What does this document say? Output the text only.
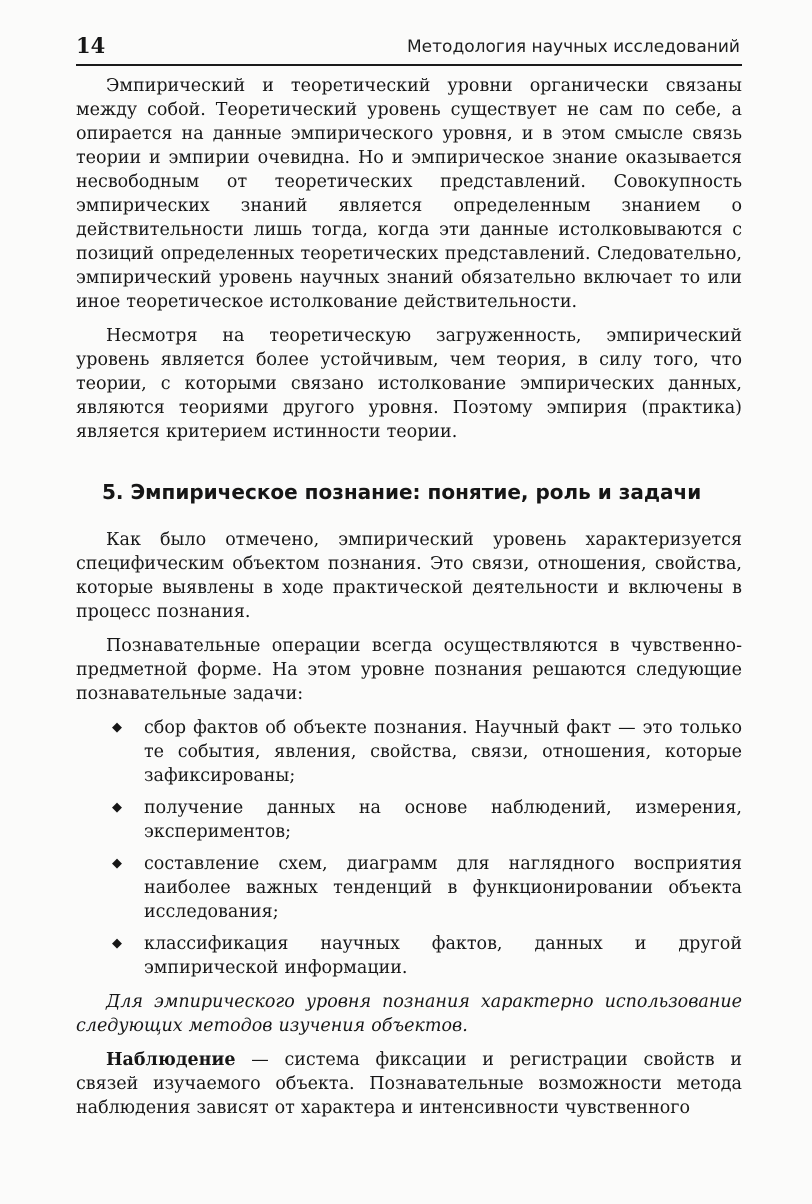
14	Методология научных исследований

Эмпирический и теоретический уровни органически связаны между собой. Теоретический уровень существует не сам по себе, а опирается на данные эмпирического уровня, и в этом смысле связь теории и эмпирии очевидна. Но и эмпирическое знание оказывается несвободным от теоретических представлений. Совокупность эмпирических знаний является определенным знанием о действительности лишь тогда, когда эти данные истолковываются с позиций определенных теоретических представлений. Следовательно, эмпирический уровень научных знаний обязательно включает то или иное теоретическое истолкование действительности.

Несмотря на теоретическую загруженность, эмпирический уровень является более устойчивым, чем теория, в силу того, что теории, с которыми связано истолкование эмпирических данных, являются теориями другого уровня. Поэтому эмпирия (практика) является критерием истинности теории.

5. Эмпирическое познание: понятие, роль и задачи

Как было отмечено, эмпирический уровень характеризуется специфическим объектом познания. Это связи, отношения, свойства, которые выявлены в ходе практической деятельности и включены в процесс познания.

Познавательные операции всегда осуществляются в чувственно-предметной форме. На этом уровне познания решаются следующие познавательные задачи:

◆ сбор фактов об объекте познания. Научный факт — это только те события, явления, свойства, связи, отношения, которые зафиксированы;
◆ получение данных на основе наблюдений, измерения, экспериментов;
◆ составление схем, диаграмм для наглядного восприятия наиболее важных тенденций в функционировании объекта исследования;
◆ классификация научных фактов, данных и другой эмпирической информации.

Для эмпирического уровня познания характерно использование следующих методов изучения объектов.

Наблюдение — система фиксации и регистрации свойств и связей изучаемого объекта. Познавательные возможности метода наблюдения зависят от характера и интенсивности чувственного
